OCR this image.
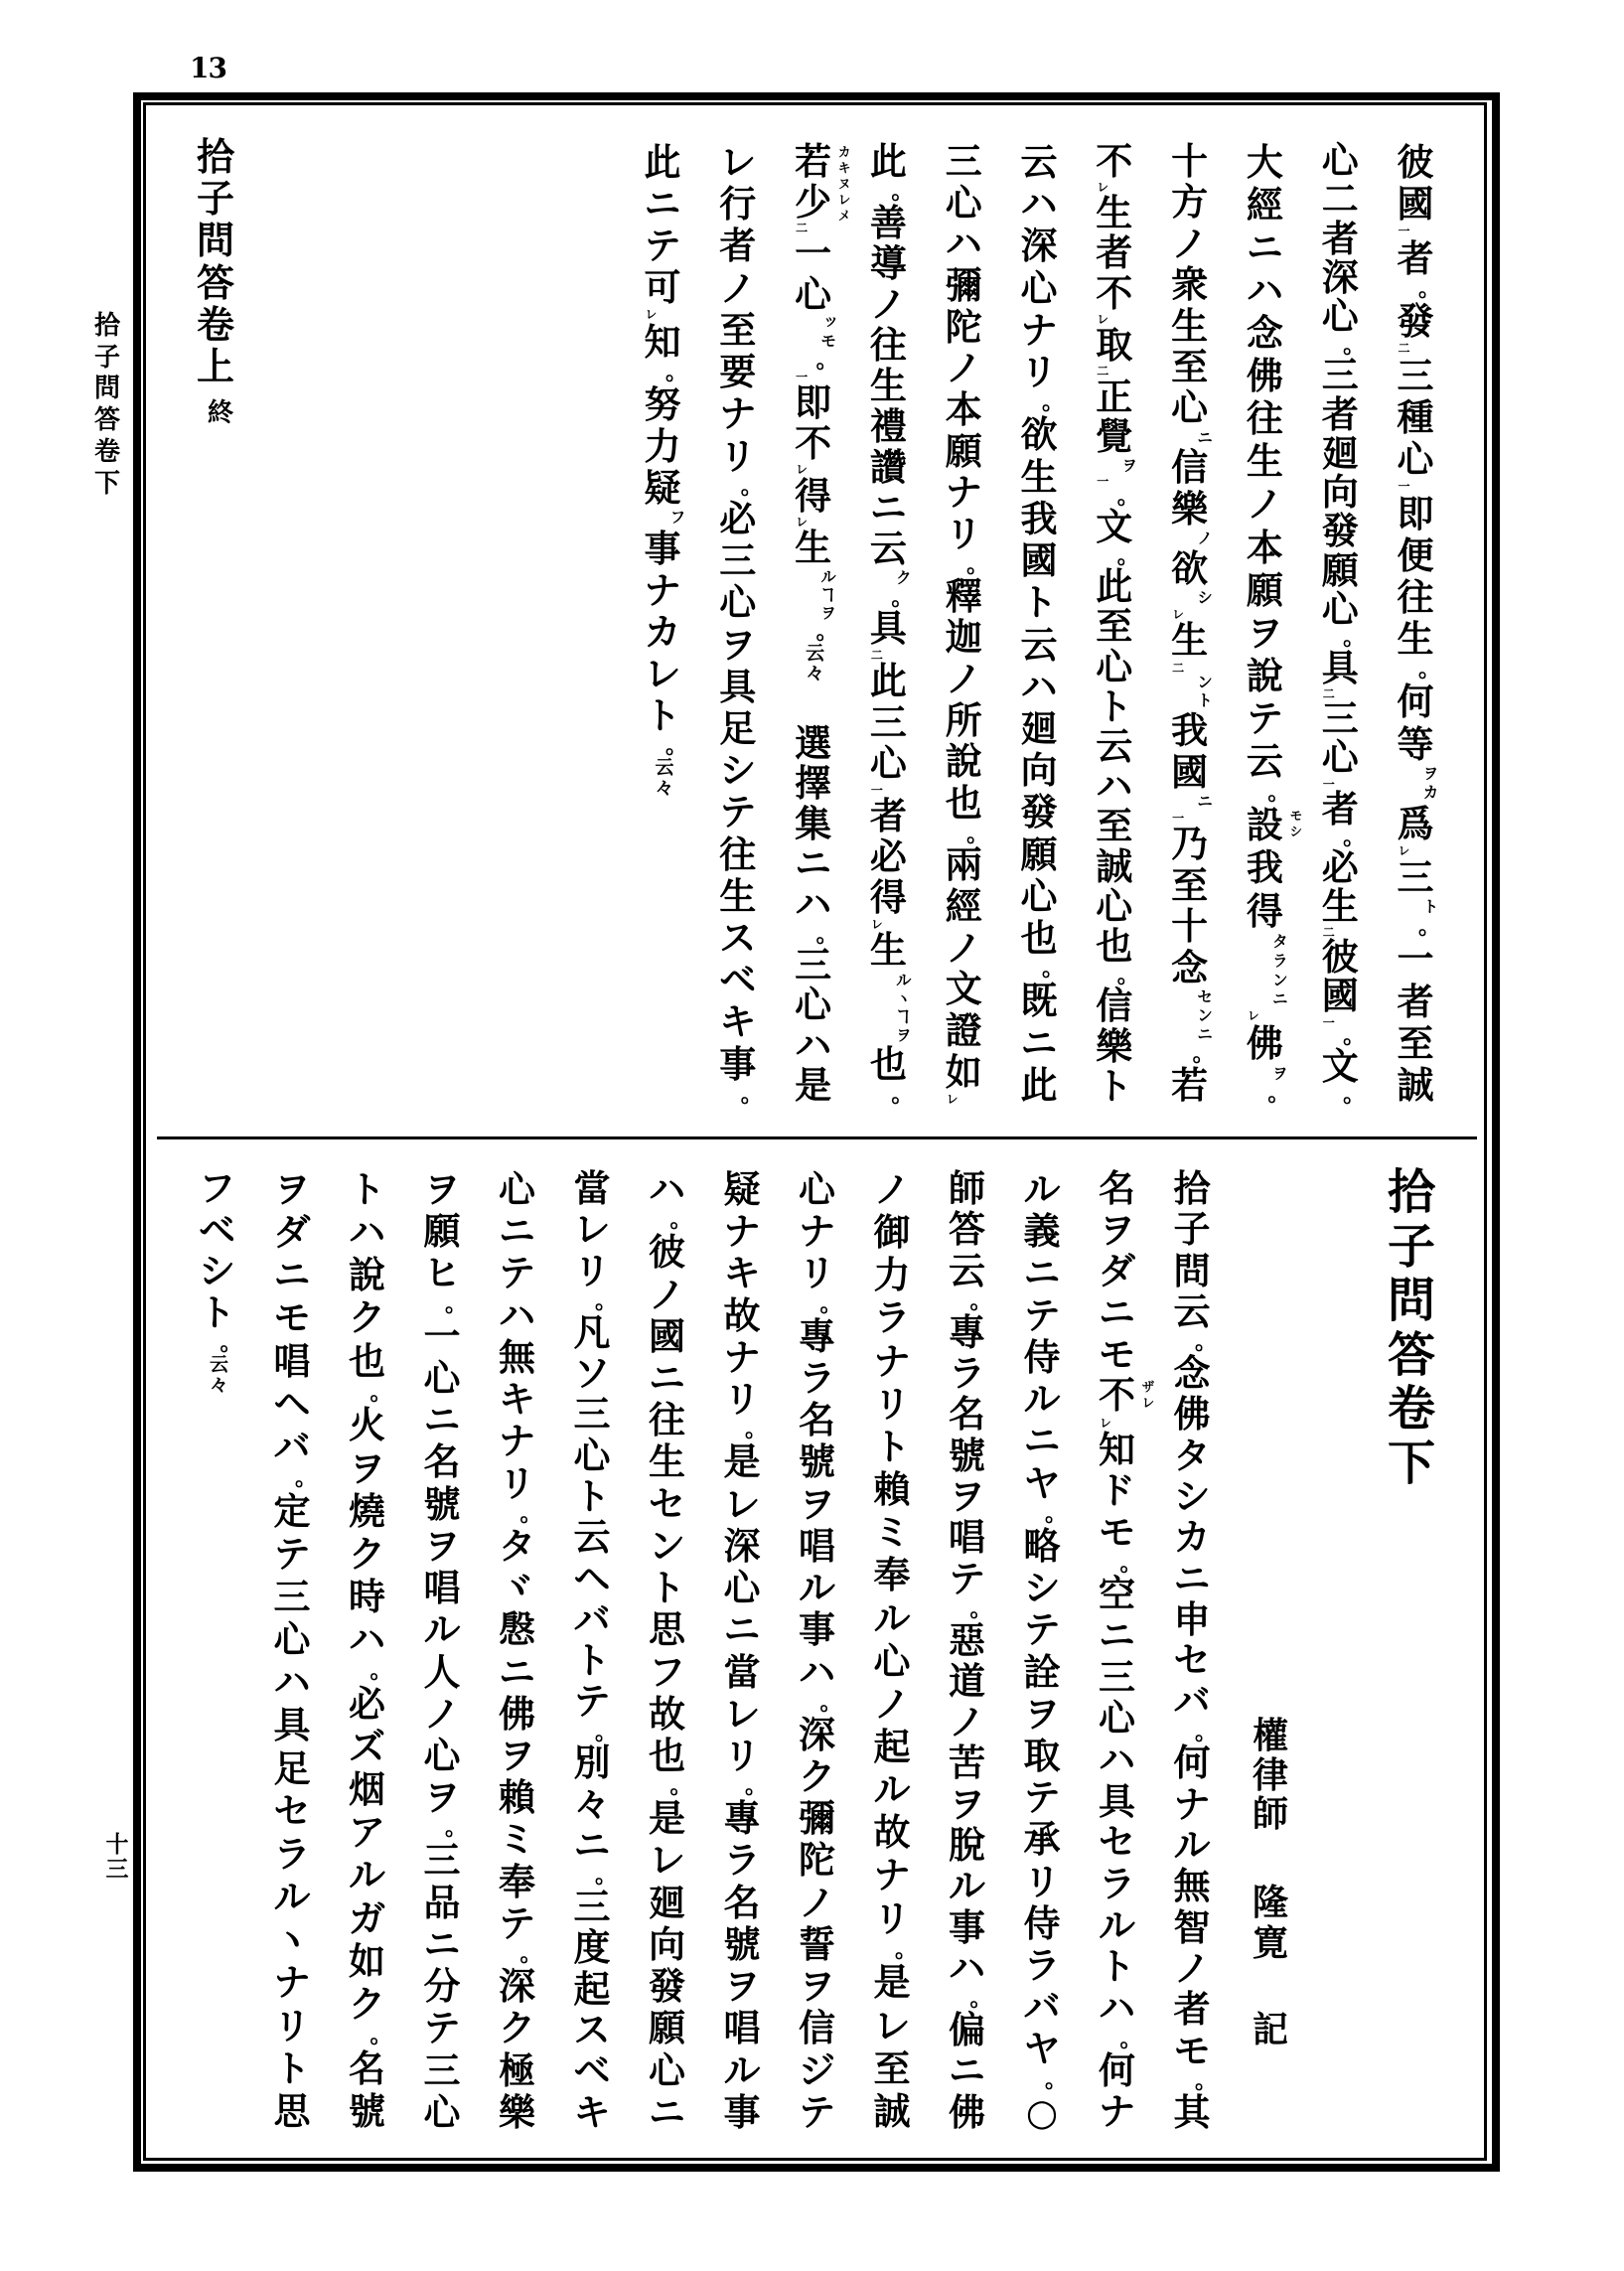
13
彼
國
一
者
。
發
二
三
種
心
一
即
便
往
生
。
何
等
ヲカ
爲
レ
三
ト
。
一
者
至
誠
心
二
者
深
心
。
三
者
廻
向
發
願
心
。
具
二
三
心
一
者
。
必
生
二
彼
國
一
。
文
。
大
經
ニ
ハ
念
佛
往
生
ノ
本
願
ヲ
說
テ
云
。
設 モシ
我
得
タランニ
レ
佛
ヲ
。
十
方
ノ
衆
生
至
心
ニ
信
樂
ノ
欲
シ
レ
生
二
ント
我
國
ニ
一
乃
至
十
念
センニ
。
若
不
レ
生
者
不
レ
取
二
正
覺
ヲ
一
。
文
。
此
至
心
ト
云
ハ
至
誠
心
也
。
信
樂
ト
云
ハ
深
心
ナ
リ
。
欲
生
我
國
ト
云
ハ
廻
向
發
願
心
也
。
既
ニ
此
三
心
ハ
彌
陀
ノ
本
願
ナ
リ
。
釋
迦
ノ
所
說
也
。
兩
經
ノ
文
證
如
レ
此
。
善
導
ノ
往
生
禮
讚
ニ
云
ク
。
具
二
此
三
心
一
者
必
得
レ
生
ルヽヿヲ
也
。
若 カキヌレメ
少
二
一
心
ッモ
。
一
即
不
レ
得
レ
生
ルヿヲ
。
云々

選
擇
集
ニ
ハ
。
三
心
ハ
是
レ
行
者
ノ
至
要
ナ
リ
。
必
三
心
ヲ
具
足
シ
テ
往
生
ス
ベ
キ
事
。
此
ニ
テ
可
レ
知
。
努
力
疑
フ
事
ナ
カ
レ
ト
。
云々
拾
子
問
答
卷
上
終
拾
子
問
云
。
念
佛
タ
シ
カ
ニ
申
セ
バ
。
何
ナ
ル
無
智
ノ
者
モ
。
其
名
ヲ
ダ
ニ
モ
不 ザレ
レ
知
ド
モ
。
空
ニ
三
心
ハ
具
セ
ラ
ル
ト
ハ
。
何
ナ
ル
義
ニ
テ
侍
ル
ニ
ヤ
。
略
シ
テ
詮
ヲ
取
テ
承
リ
侍
ラ
バ
ヤ
。
○
師
答
云
。
專
ラ
名
號
ヲ
唱
テ
。
惡
道
ノ
苦
ヲ
脫
ル
事
ハ
。
偏
ニ
佛
ノ
御
力
ラ
ナ
リ
ト
賴
ミ
奉
ル
心
ノ
起
ル
故
ナ
リ
。
是
レ
至
誠
心
ナ
リ
。
專
ラ
名
號
ヲ
唱
ル
事
ハ
。
深
ク
彌
陀
ノ
誓
ヲ
信
ジ
テ
疑
ナ
キ
故
ナ
リ
。
是
レ
深
心
ニ
當
レ
リ
。
專
ラ
名
號
ヲ
唱
ル
事
ハ
。
彼
ノ
國
ニ
往
生
セ
ン
ト
思
フ
故
也
。
是
レ
廻
向
發
願
心
ニ
當
レ
リ
。
凡
ソ
三
心
ト
云
ヘ
バ
ト
テ
。
別
々
ニ
。
三
度
起
ス
ベ
キ
心
ニ
テ
ハ
無
キ
ナ
リ
。
タ
ヾ
慇
ニ
佛
ヲ
賴
ミ
奉
テ
。
深
ク
極
樂
ヲ
願
ヒ
。
一
心
ニ
名
號
ヲ
唱
ル
人
ノ
心
ヲ
。
三
品
ニ
分
テ
三
心
ト
ハ
說
ク
也
。
火
ヲ
燒
ク
時
ハ
。
必
ズ
烟
ア
ル
ガ
如
ク
。
名
號
ヲ
ダ
ニ
モ
唱
ヘ
バ
。
定
テ
三
心
ハ
具
足
セ
ラ
ル
ヽ
ナ
リ
ト
思
フ
ベ
シ
ト
。
云々
拾
子
問
答
卷
下
權
律
師
隆
寛
記
拾
子
問
答
卷
下
十
三
